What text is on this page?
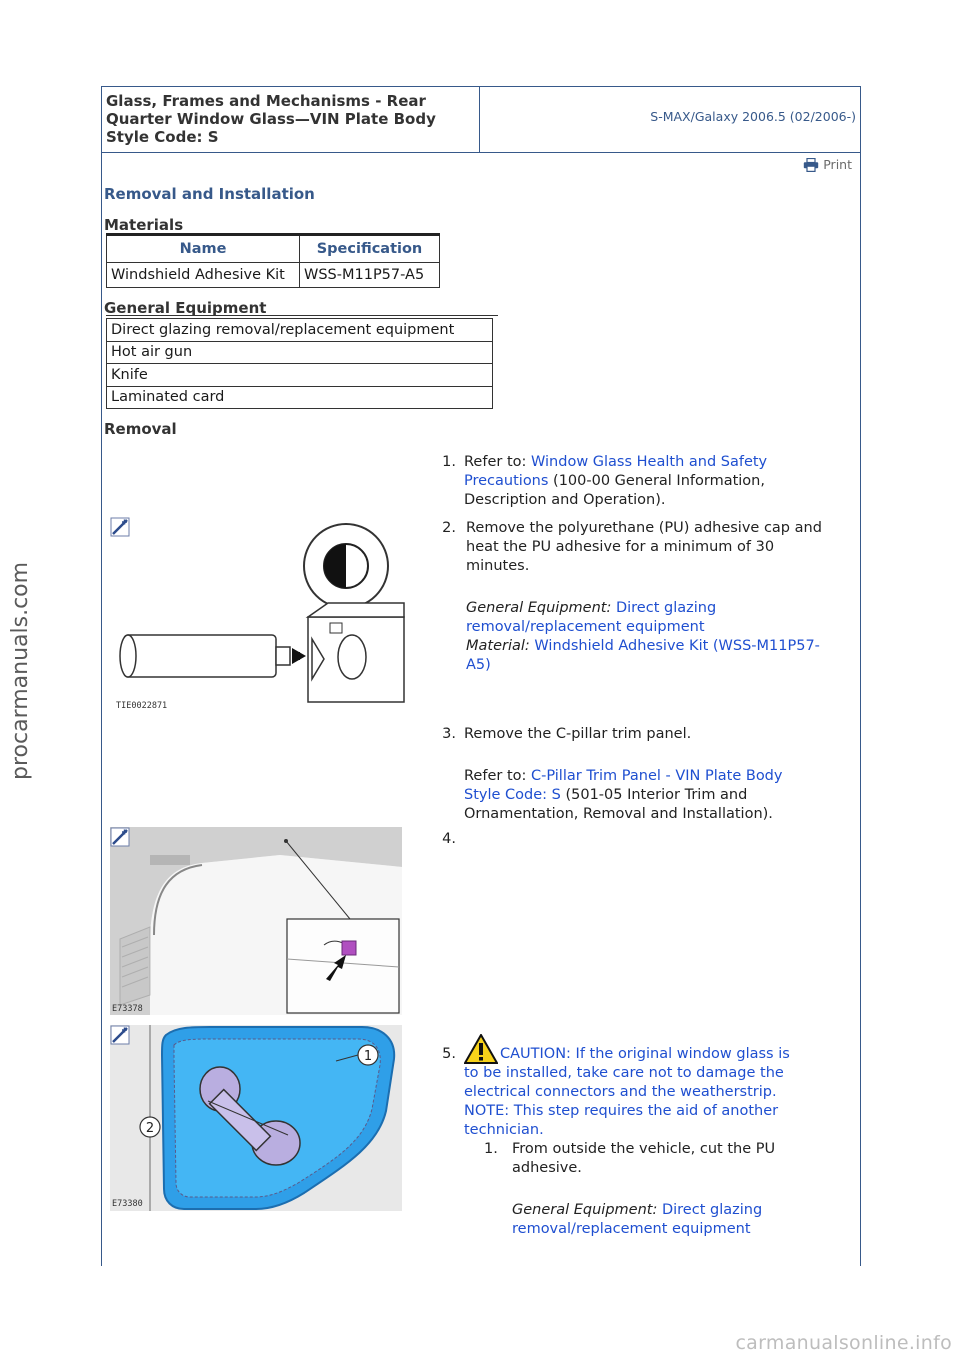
procarmanuals.com
Glass, Frames and Mechanisms - Rear
Quarter Window Glass—VIN Plate Body
Style Code: S
S-MAX/Galaxy 2006.5 (02/2006-)
Print
Removal and Installation
Materials
Name	Specification
Windshield Adhesive Kit	WSS-M11P57-A5
General Equipment
Direct glazing removal/replacement equipment
Hot air gun
Knife
Laminated card
Removal
1. Refer to: Window Glass Health and Safety
Precautions (100-00 General Information,
Description and Operation).
TIE0022871
2. Remove the polyurethane (PU) adhesive cap and
heat the PU adhesive for a minimum of 30
minutes.
General Equipment: Direct glazing
removal/replacement equipment
Material: Windshield Adhesive Kit (WSS-M11P57-
A5)
3. Remove the C-pillar trim panel.
Refer to: C-Pillar Trim Panel - VIN Plate Body
Style Code: S (501-05 Interior Trim and
Ornamentation, Removal and Installation).
E73378
4.
1
2
E73380
5.	CAUTION: If the original window glass is
to be installed, take care not to damage the
electrical connectors and the weatherstrip.
NOTE: This step requires the aid of another
technician.
1. From outside the vehicle, cut the PU
adhesive.
General Equipment: Direct glazing
removal/replacement equipment
carmanualsonline.info
